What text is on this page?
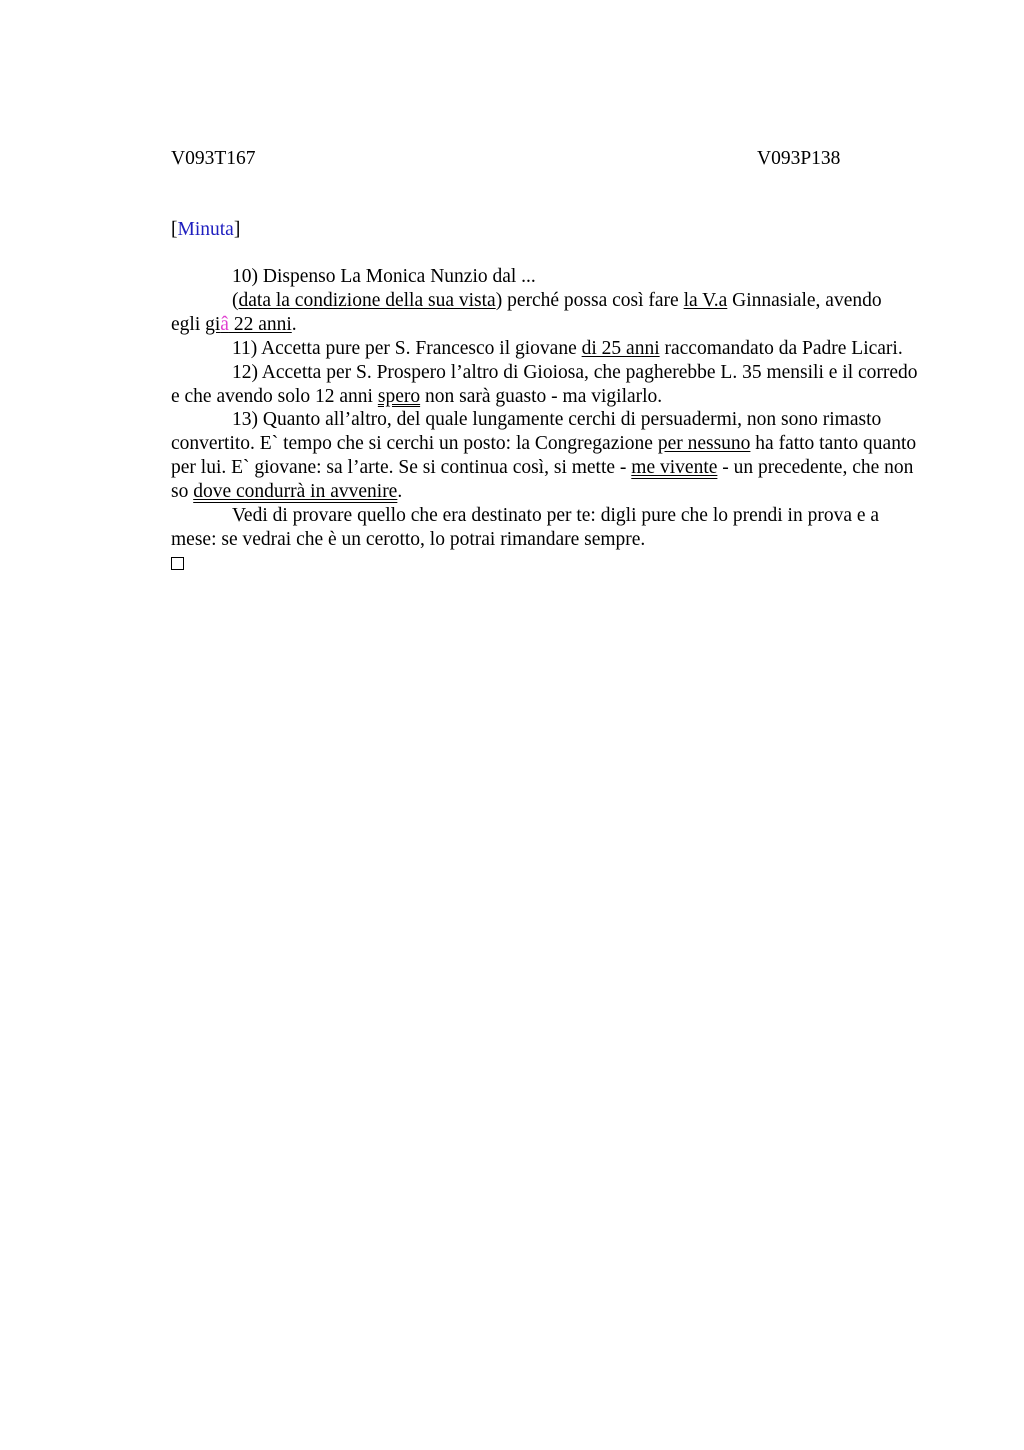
V093T167	V093P138
[Minuta]

10) Dispenso La Monica Nunzio dal ...

(data la condizione della sua vista) perché possa così fare la V.a Ginnasiale, avendo

egli giâ 22 anni.

11) Accetta pure per S. Francesco il giovane di 25 anni raccomandato da Padre Licari.

12) Accetta per S. Prospero l’altro di Gioiosa, che pagherebbe L. 35 mensili e il corredo e che avendo solo 12 anni spero non sarà guasto - ma vigilarlo.

13) Quanto all’altro, del quale lungamente cerchi di persuadermi, non sono rimasto convertito. E` tempo che si cerchi un posto: la Congregazione per nessuno ha fatto tanto quanto per lui. E` giovane: sa l’arte. Se si continua così, si mette - me vivente - un precedente, che non so dove condurrà in avvenire.

Vedi di provare quello che era destinato per te: digli pure che lo prendi in prova e a mese: se vedrai che è un cerotto, lo potrai rimandare sempre.
